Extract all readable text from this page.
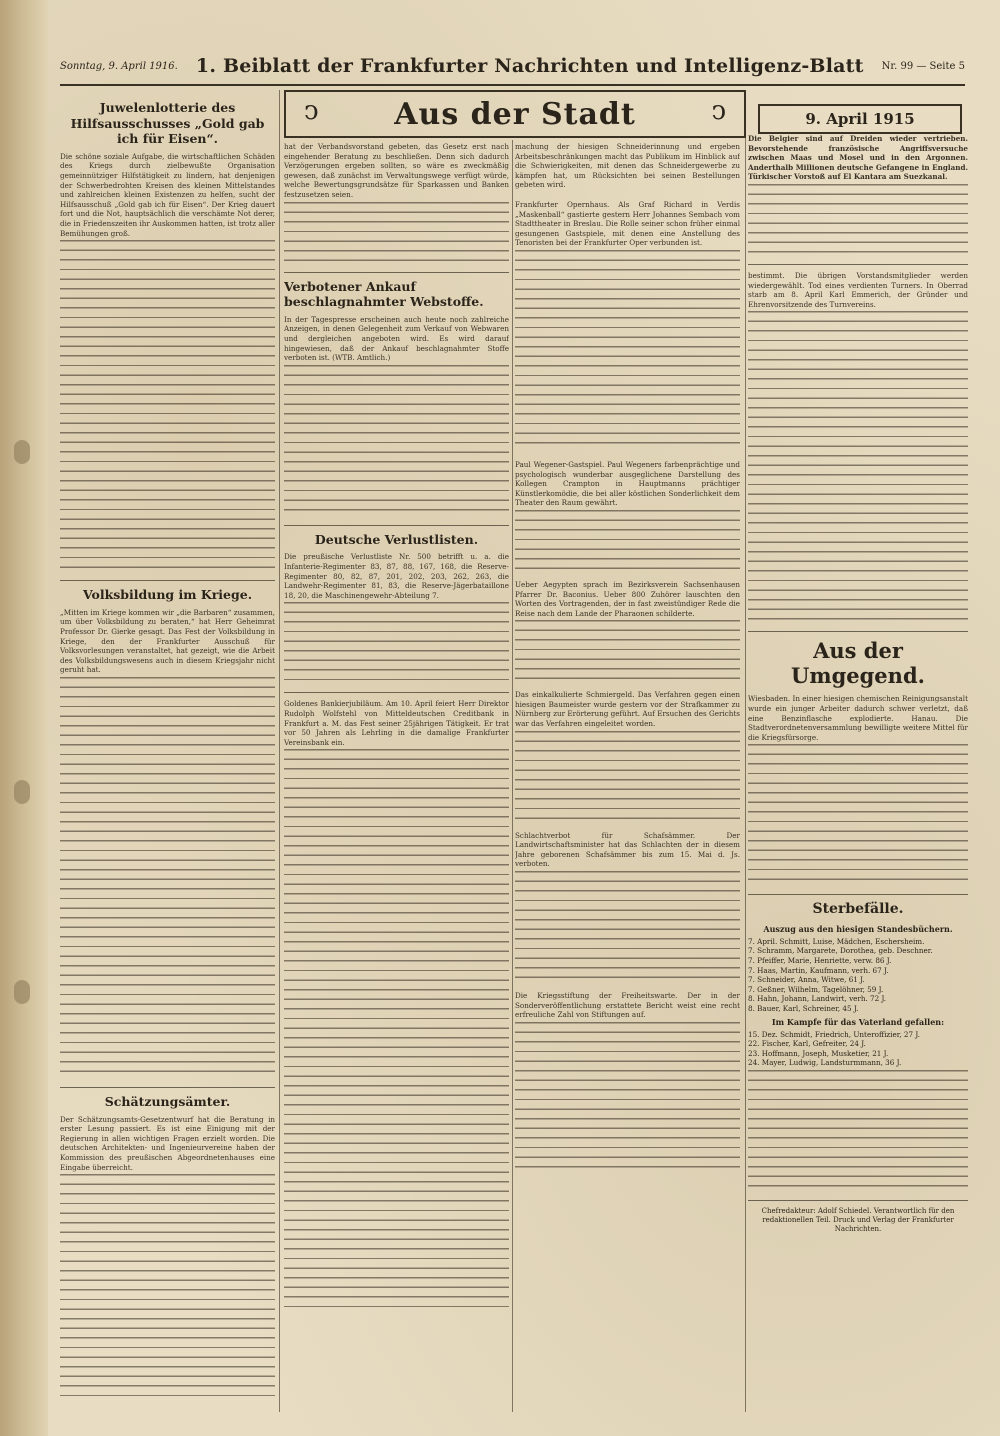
Sonntag, 9. April 1916. 1. Beiblatt der Frankfurter Nachrichten und Intelligenz-Blatt Nr. 99 — Seite 5
ↄ	Aus der Stadt	ↄ	9. April 1915
Juwelenlotterie des Hilfsausschusses „Gold gab ich für Eisen“.
Die schöne soziale Aufgabe, die wirtschaftlichen Schäden des Kriegs durch zielbewußte Organisation gemeinnütziger Hilfstätigkeit zu lindern, hat denjenigen der Schwerbedrohten Kreisen des kleinen Mittelstandes und zahlreichen kleinen Existenzen zu helfen, sucht der Hilfsausschuß „Gold gab ich für Eisen“. Der Krieg dauert fort und die Not, hauptsächlich die verschämte Not derer, die in Friedenszeiten ihr Auskommen hatten, ist trotz aller Bemühungen groß.
Volksbildung im Kriege.
„Mitten im Kriege kommen wir „die Barbaren“ zusammen, um über Volksbildung zu beraten,“ hat Herr Geheimrat Professor Dr. Gierke gesagt. Das Fest der Volksbildung in Kriege, den der Frankfurter Ausschuß für Volksvorlesungen veranstaltet, hat gezeigt, wie die Arbeit des Volksbildungswesens auch in diesem Kriegsjahr nicht geruht hat.
Schätzungsämter.
Der Schätzungsamts-Gesetzentwurf hat die Beratung in erster Lesung passiert. Es ist eine Einigung mit der Regierung in allen wichtigen Fragen erzielt worden. Die deutschen Architekten- und Ingenieurvereine haben der Kommission des preußischen Abgeordnetenhauses eine Eingabe überreicht.
hat der Verbandsvorstand gebeten, das Gesetz erst nach eingehender Beratung zu beschließen. Denn sich dadurch Verzögerungen ergeben sollten, so wäre es zweckmäßig gewesen, daß zunächst im Verwaltungswege verfügt würde, welche Bewertungsgrundsätze für Sparkassen und Banken festzusetzen seien.
Verbotener Ankauf beschlagnahmter Webstoffe.
In der Tagespresse erscheinen auch heute noch zahlreiche Anzeigen, in denen Gelegenheit zum Verkauf von Webwaren und dergleichen angeboten wird. Es wird darauf hingewiesen, daß der Ankauf beschlagnahmter Stoffe verboten ist. (WTB. Amtlich.)
Deutsche Verlustlisten.
Die preußische Verlustliste Nr. 500 betrifft u. a. die Infanterie-Regimenter 83, 87, 88, 167, 168, die Reserve-Regimenter 80, 82, 87, 201, 202, 203, 262, 263, die Landwehr-Regimenter 81, 83, die Reserve-Jägerbataillone 18, 20, die Maschinengewehr-Abteilung 7.
Goldenes Bankierjubiläum. Am 10. April feiert Herr Direktor Rudolph Wolfstehl von Mitteldeutschen Creditbank in Frankfurt a. M. das Fest seiner 25jährigen Tätigkeit. Er trat vor 50 Jahren als Lehrling in die damalige Frankfurter Vereinsbank ein.
machung der hiesigen Schneiderinnung und ergeben Arbeitsbeschränkungen macht das Publikum im Hinblick auf die Schwierigkeiten, mit denen das Schneidergewerbe zu kämpfen hat, um Rücksichten bei seinen Bestellungen gebeten wird.
Frankfurter Opernhaus. Als Graf Richard in Verdis „Maskenball“ gastierte gestern Herr Johannes Sembach vom Stadttheater in Breslau. Die Rolle seiner schon früher einmal gesungenen Gastspiele, mit denen eine Anstellung des Tenoristen bei der Frankfurter Oper verbunden ist.
Paul Wegener-Gastspiel. Paul Wegeners farbenprächtige und psychologisch wunderbar ausgeglichene Darstellung des Kollegen Crampton in Hauptmanns prächtiger Künstlerkomödie, die bei aller köstlichen Sonderlichkeit dem Theater den Raum gewährt.
Ueber Aegypten sprach im Bezirksverein Sachsenhausen Pfarrer Dr. Baconius. Ueber 800 Zuhörer lauschten den Worten des Vortragenden, der in fast zweistündiger Rede die Reise nach dem Lande der Pharaonen schilderte.
Das einkalkulierte Schmiergeld. Das Verfahren gegen einen hiesigen Baumeister wurde gestern vor der Strafkammer zu Nürnberg zur Erörterung geführt. Auf Ersuchen des Gerichts war das Verfahren eingeleitet worden.
Schlachtverbot für Schafsämmer. Der Landwirtschaftsminister hat das Schlachten der in diesem Jahre geborenen Schafsämmer bis zum 15. Mai d. Js. verboten.
Die Kriegsstiftung der Freiheitswarte. Der in der Sonderveröffentlichung erstattete Bericht weist eine recht erfreuliche Zahl von Stiftungen auf.
Die Belgier sind auf Dreiden wieder vertrieben. Bevorstehende französische Angriffsversuche zwischen Maas und Mosel und in den Argonnen. Anderthalb Millionen deutsche Gefangene in England. Türkischer Vorstoß auf El Kantara am Suezkanal.
bestimmt. Die übrigen Vorstandsmitglieder werden wiedergewählt. Tod eines verdienten Turners. In Oberrad starb am 8. April Karl Emmerich, der Gründer und Ehrenvorsitzende des Turnvereins.
Aus der Umgegend.
Wiesbaden. In einer hiesigen chemischen Reinigungsanstalt wurde ein junger Arbeiter dadurch schwer verletzt, daß eine Benzinflasche explodierte. Hanau. Die Stadtverordnetenversammlung bewilligte weitere Mittel für die Kriegsfürsorge.
Sterbefälle.
Auszug aus den hiesigen Standesbüchern.
7. April. Schmitt, Luise, Mädchen, Eschersheim.
7. Schramm, Margarete, Dorothea, geb. Deschner.
7. Pfeiffer, Marie, Henriette, verw. 86 J.
7. Haas, Martin, Kaufmann, verh. 67 J.
7. Schneider, Anna, Witwe, 61 J.
7. Geßner, Wilhelm, Tagelöhner, 59 J.
8. Hahn, Johann, Landwirt, verh. 72 J.
8. Bauer, Karl, Schreiner, 45 J.
Im Kampfe für das Vaterland gefallen:
15. Dez. Schmidt, Friedrich, Unteroffizier, 27 J.
22. Fischer, Karl, Gefreiter, 24 J.
23. Hoffmann, Joseph, Musketier, 21 J.
24. Mayer, Ludwig, Landsturmmann, 36 J.
Chefredakteur: Adolf Schiedel. Verantwortlich für den redaktionellen Teil. Druck und Verlag der Frankfurter Nachrichten.
